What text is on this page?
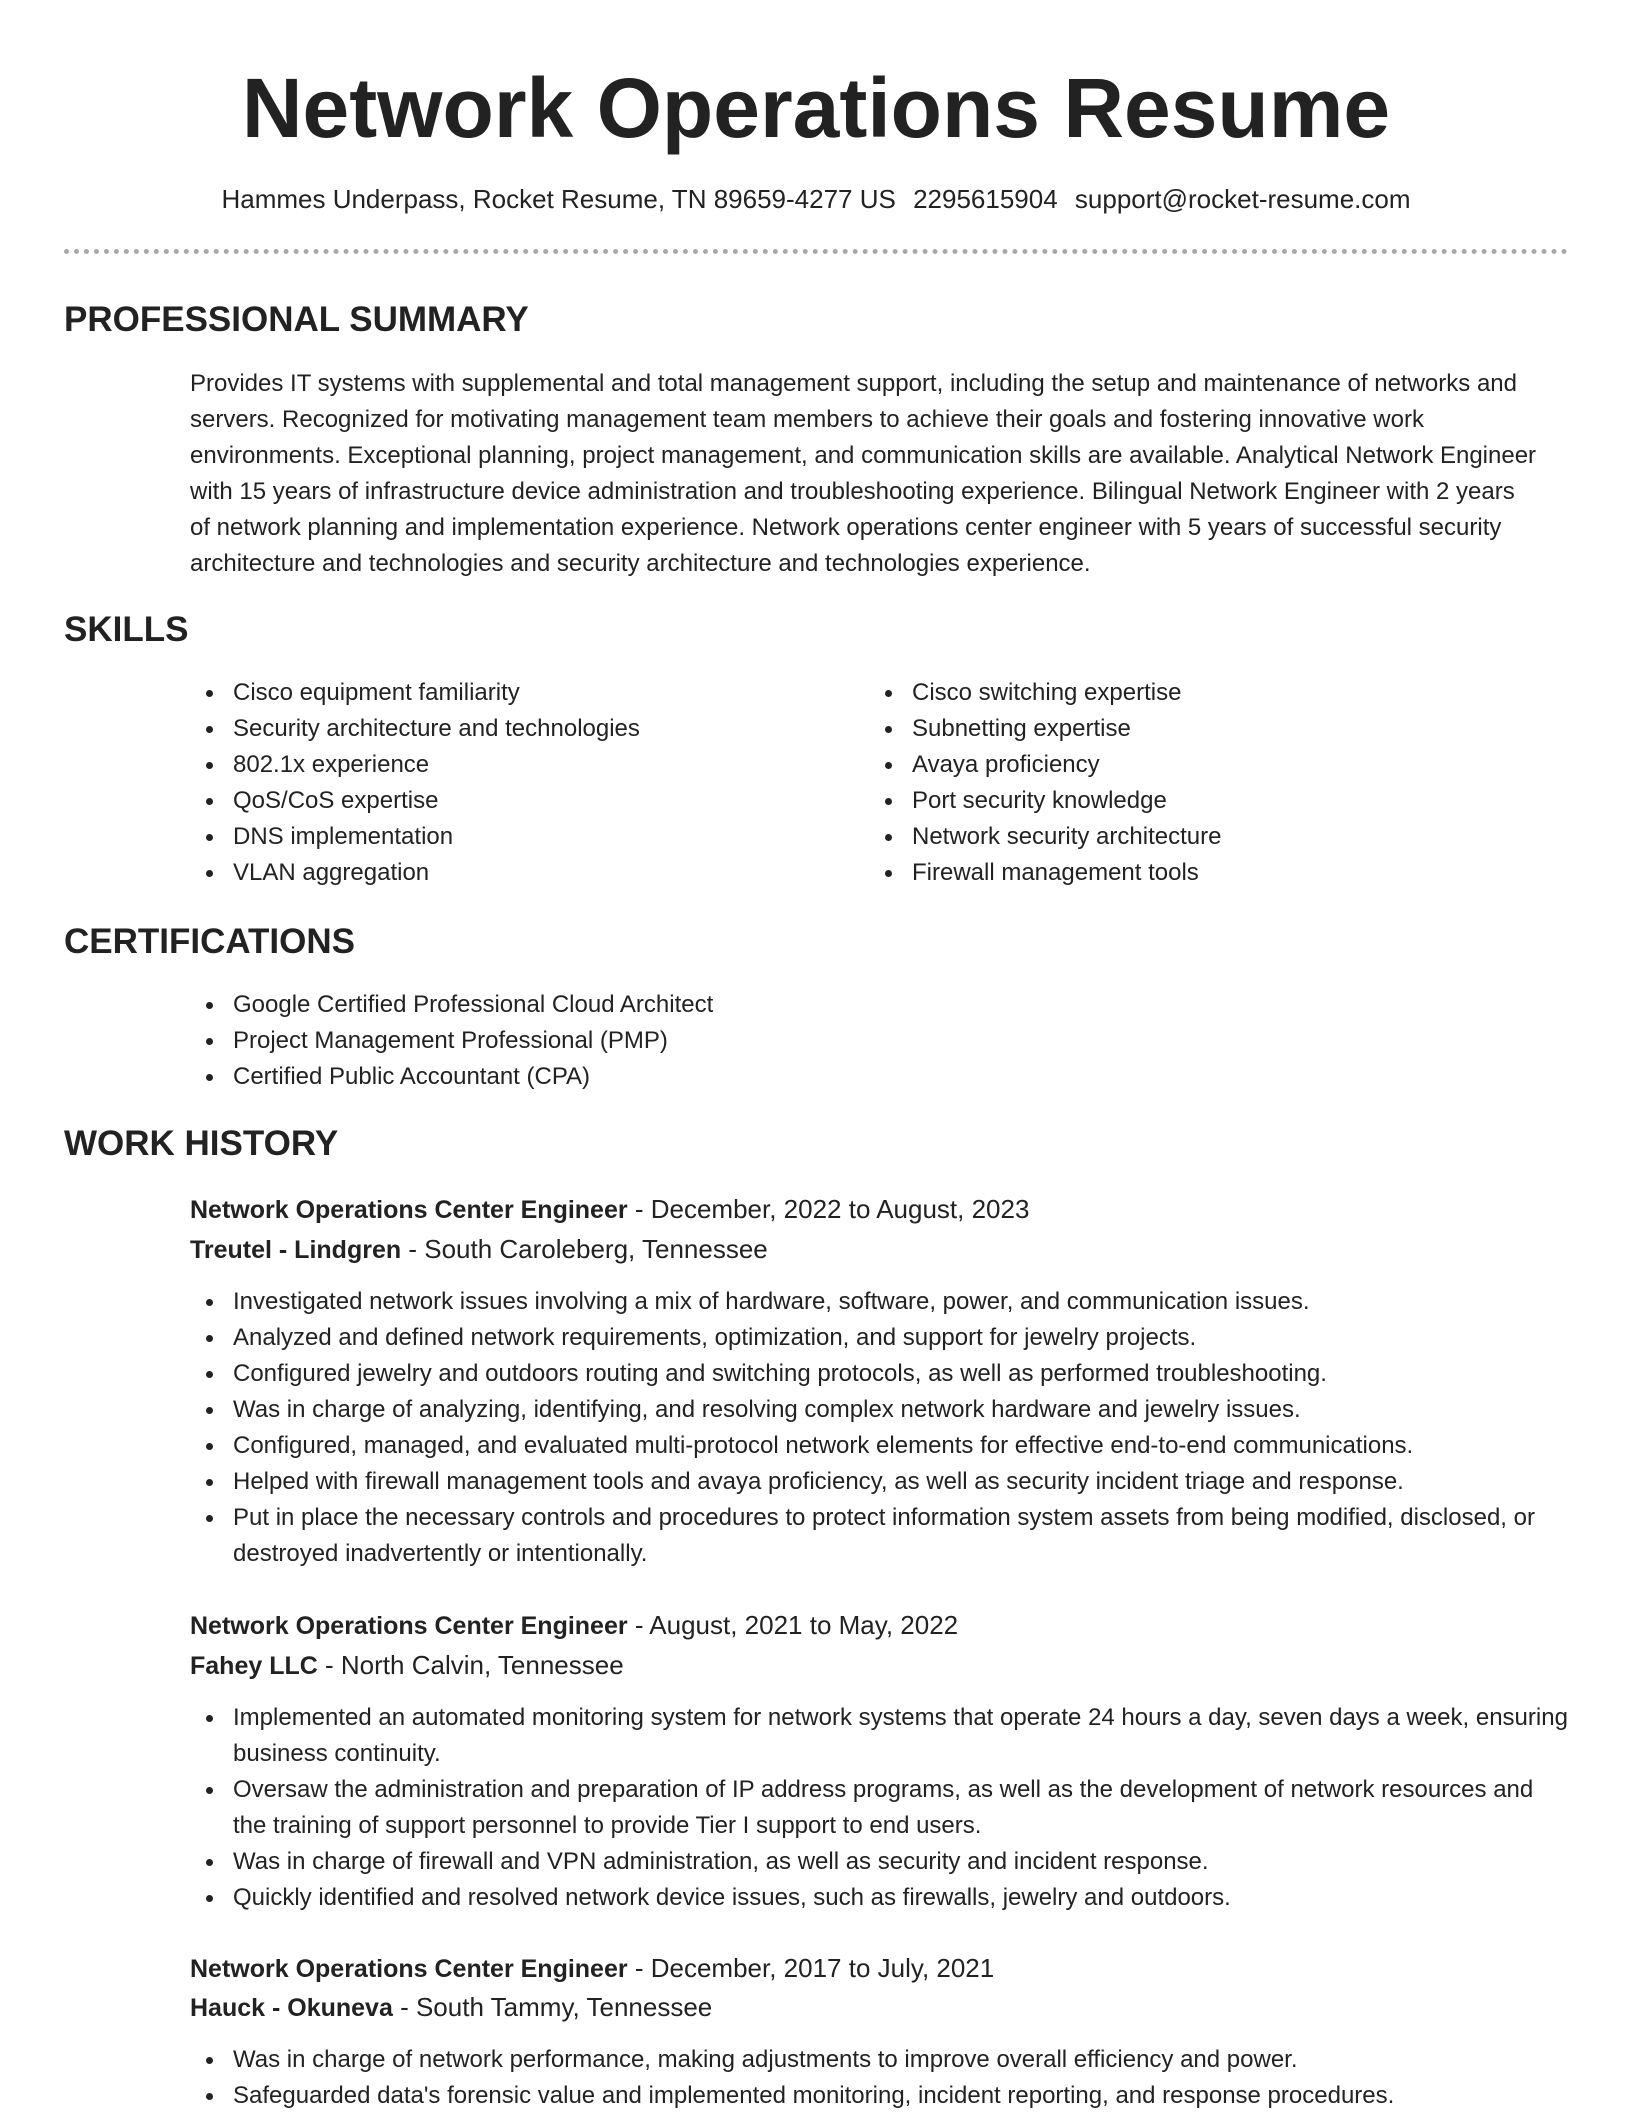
Network Operations Resume
Hammes Underpass, Rocket Resume, TN 89659-4277 US 2295615904 support@rocket-resume.com
PROFESSIONAL SUMMARY

Provides IT systems with supplemental and total management support, including the setup and maintenance of networks and servers. Recognized for motivating management team members to achieve their goals and fostering innovative work environments. Exceptional planning, project management, and communication skills are available. Analytical Network Engineer with 15 years of infrastructure device administration and troubleshooting experience. Bilingual Network Engineer with 2 years of network planning and implementation experience. Network operations center engineer with 5 years of successful security architecture and technologies and security architecture and technologies experience.

SKILLS
Cisco equipment familiarity
Security architecture and technologies
802.1x experience
QoS/CoS expertise
DNS implementation
VLAN aggregation
Cisco switching expertise
Subnetting expertise
Avaya proficiency
Port security knowledge
Network security architecture
Firewall management tools
CERTIFICATIONS
Google Certified Professional Cloud Architect
Project Management Professional (PMP)
Certified Public Accountant (CPA)
WORK HISTORY
Network Operations Center Engineer - December, 2022 to August, 2023
Treutel - Lindgren - South Caroleberg, Tennessee
Investigated network issues involving a mix of hardware, software, power, and communication issues.
Analyzed and defined network requirements, optimization, and support for jewelry projects.
Configured jewelry and outdoors routing and switching protocols, as well as performed troubleshooting.
Was in charge of analyzing, identifying, and resolving complex network hardware and jewelry issues.
Configured, managed, and evaluated multi-protocol network elements for effective end-to-end communications.
Helped with firewall management tools and avaya proficiency, as well as security incident triage and response.
Put in place the necessary controls and procedures to protect information system assets from being modified, disclosed, or destroyed inadvertently or intentionally.
Network Operations Center Engineer - August, 2021 to May, 2022
Fahey LLC - North Calvin, Tennessee
Implemented an automated monitoring system for network systems that operate 24 hours a day, seven days a week, ensuring business continuity.
Oversaw the administration and preparation of IP address programs, as well as the development of network resources and the training of support personnel to provide Tier I support to end users.
Was in charge of firewall and VPN administration, as well as security and incident response.
Quickly identified and resolved network device issues, such as firewalls, jewelry and outdoors.
Network Operations Center Engineer - December, 2017 to July, 2021
Hauck - Okuneva - South Tammy, Tennessee
Was in charge of network performance, making adjustments to improve overall efficiency and power.
Safeguarded data's forensic value and implemented monitoring, incident reporting, and response procedures.
